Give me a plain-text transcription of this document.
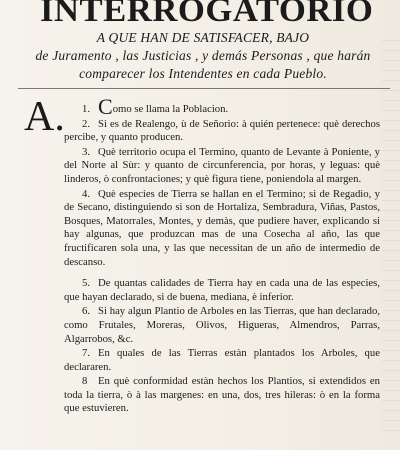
INTERROGATORIO
A QUE HAN DE SATISFACER, BAJO
de Juramento , las Justicias , y demás Personas , que harán
comparecer los Intendentes en cada Pueblo.
A.	1. Como se llama la Poblacion.

2. Si es de Realengo, ù de Señorio: à quién pertenece: què derechos percibe, y quanto producen.

3. Què territorio ocupa el Termino, quanto de Levante à Poniente, y del Norte al Sùr: y quanto de circunferencia, por horas, y leguas: què linderos, ò confrontaciones; y què figura tiene, poniendola al margen.

4. Què especies de Tierra se hallan en el Termino; si de Regadio, y de Secano, distinguiendo si son de Hortaliza, Sembradura, Viñas, Pastos, Bosques, Matorrales, Montes, y demàs, que pudiere haver, explicando si hay algunas, que produzcan mas de una Cosecha al año, las que fructificaren sola una, y las que necessitan de un año de intermedio de descanso.

5. De quantas calidades de Tierra hay en cada una de las especies, que hayan declarado, si de buena, mediana, è inferior.

6. Si hay algun Plantio de Arboles en las Tierras, que han declarado, como Frutales, Moreras, Olivos, Higueras, Almendros, Parras, Algarrobos, &c.

7. En quales de las Tierras estàn plantados los Arboles, que declararen.

8 En què conformidad estàn hechos los Plantios, si extendidos en toda la tierra, ò à las margenes: en una, dos, tres hileras: ò en la forma que estuvieren.
